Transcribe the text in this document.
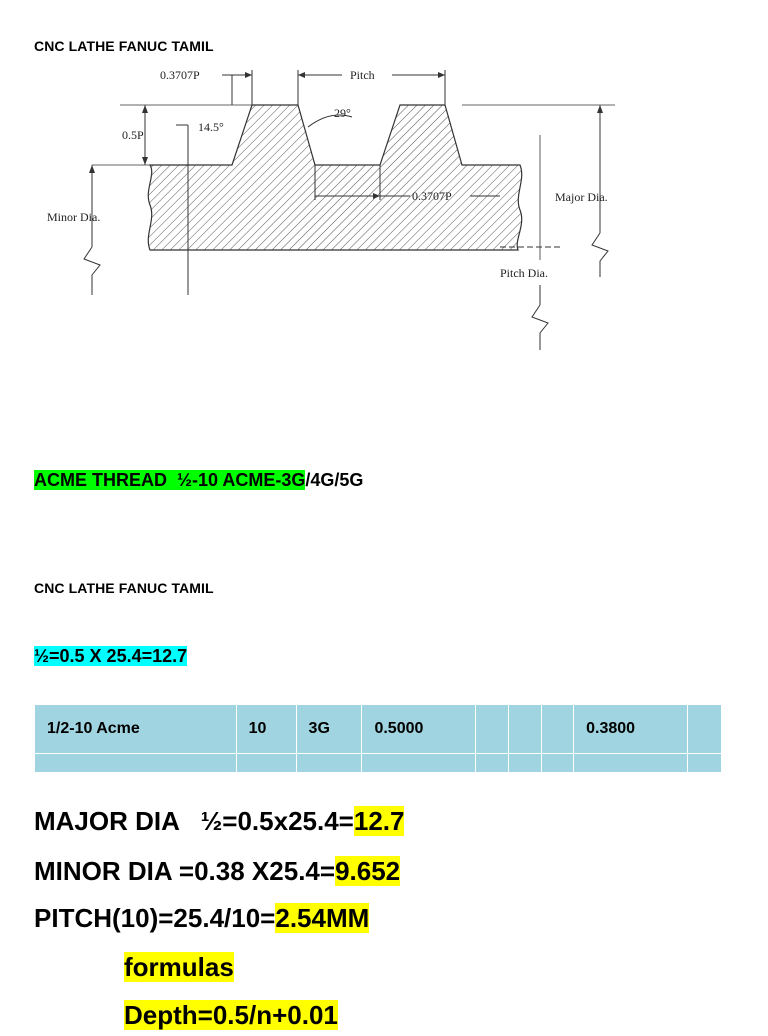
CNC LATHE FANUC TAMIL
0.3707P	Pitch
29°
0.5P
14.5°
0.3707P	Major Dia.
Pitch Dia.
Minor Dia.
ACME THREAD  ½-10 ACME-3G/4G/5G
CNC LATHE FANUC TAMIL
½=0.5 X 25.4=12.7
1/2-10 Acme	10	3G	0.5000				0.3800	

MAJOR DIA   ½=0.5x25.4=12.7
MINOR DIA =0.38 X25.4=9.652
PITCH(10)=25.4/10=2.54MM
formulas
Depth=0.5/n+0.01
